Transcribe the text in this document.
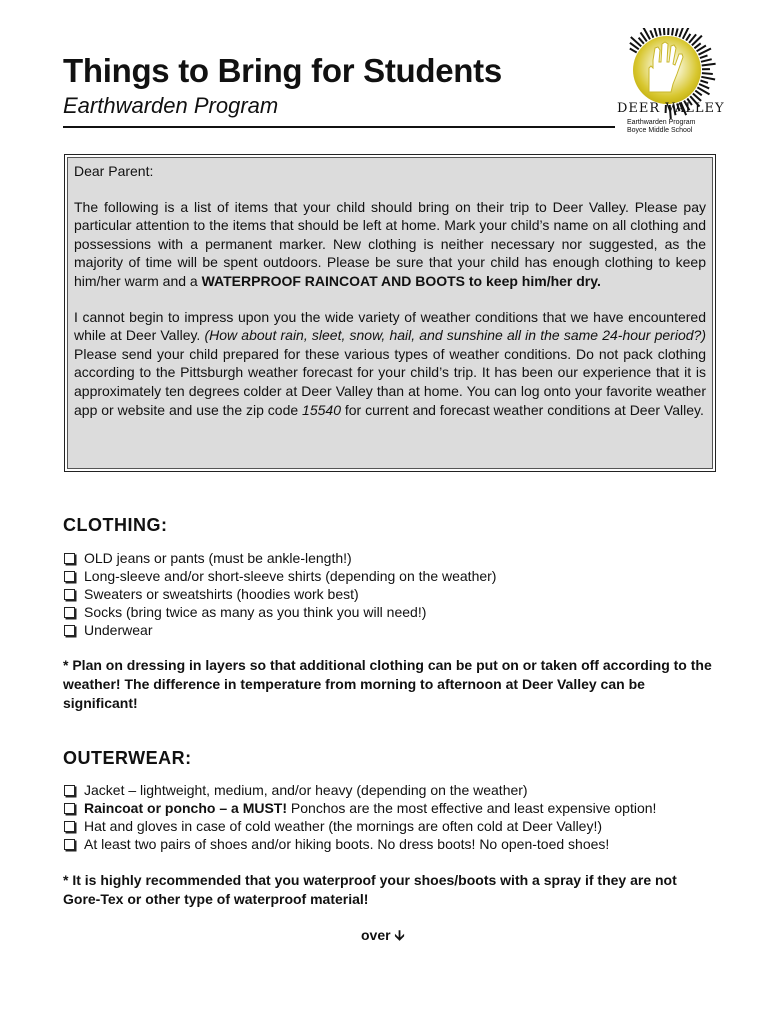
Things to Bring for Students
Earthwarden Program	DEER VALLEY
Earthwarden Program
Boyce Middle School

Dear Parent:

The following is a list of items that your child should bring on their trip to Deer Valley. Please pay particular attention to the items that should be left at home. Mark your child’s name on all clothing and possessions with a permanent marker. New clothing is neither necessary nor suggested, as the majority of time will be spent outdoors. Please be sure that your child has enough clothing to keep him/her warm and a WATERPROOF RAINCOAT AND BOOTS to keep him/her dry.

I cannot begin to impress upon you the wide variety of weather conditions that we have encountered while at Deer Valley. (How about rain, sleet, snow, hail, and sunshine all in the same 24-hour period?) Please send your child prepared for these various types of weather conditions. Do not pack clothing according to the Pittsburgh weather forecast for your child’s trip. It has been our experience that it is approximately ten degrees colder at Deer Valley than at home. You can log onto your favorite weather app or website and use the zip code 15540 for current and forecast weather conditions at Deer Valley.

CLOTHING:
OLD jeans or pants (must be ankle-length!)
Long-sleeve and/or short-sleeve shirts (depending on the weather)
Sweaters or sweatshirts (hoodies work best)
Socks (bring twice as many as you think you will need!)
Underwear

* Plan on dressing in layers so that additional clothing can be put on or taken off according to the weather! The difference in temperature from morning to afternoon at Deer Valley can be significant!

OUTERWEAR:
Jacket – lightweight, medium, and/or heavy (depending on the weather)
Raincoat or poncho – a MUST! Ponchos are the most effective and least expensive option!
Hat and gloves in case of cold weather (the mornings are often cold at Deer Valley!)
At least two pairs of shoes and/or hiking boots. No dress boots! No open-toed shoes!

* It is highly recommended that you waterproof your shoes/boots with a spray if they are not Gore-Tex or other type of waterproof material!

over 🡫
